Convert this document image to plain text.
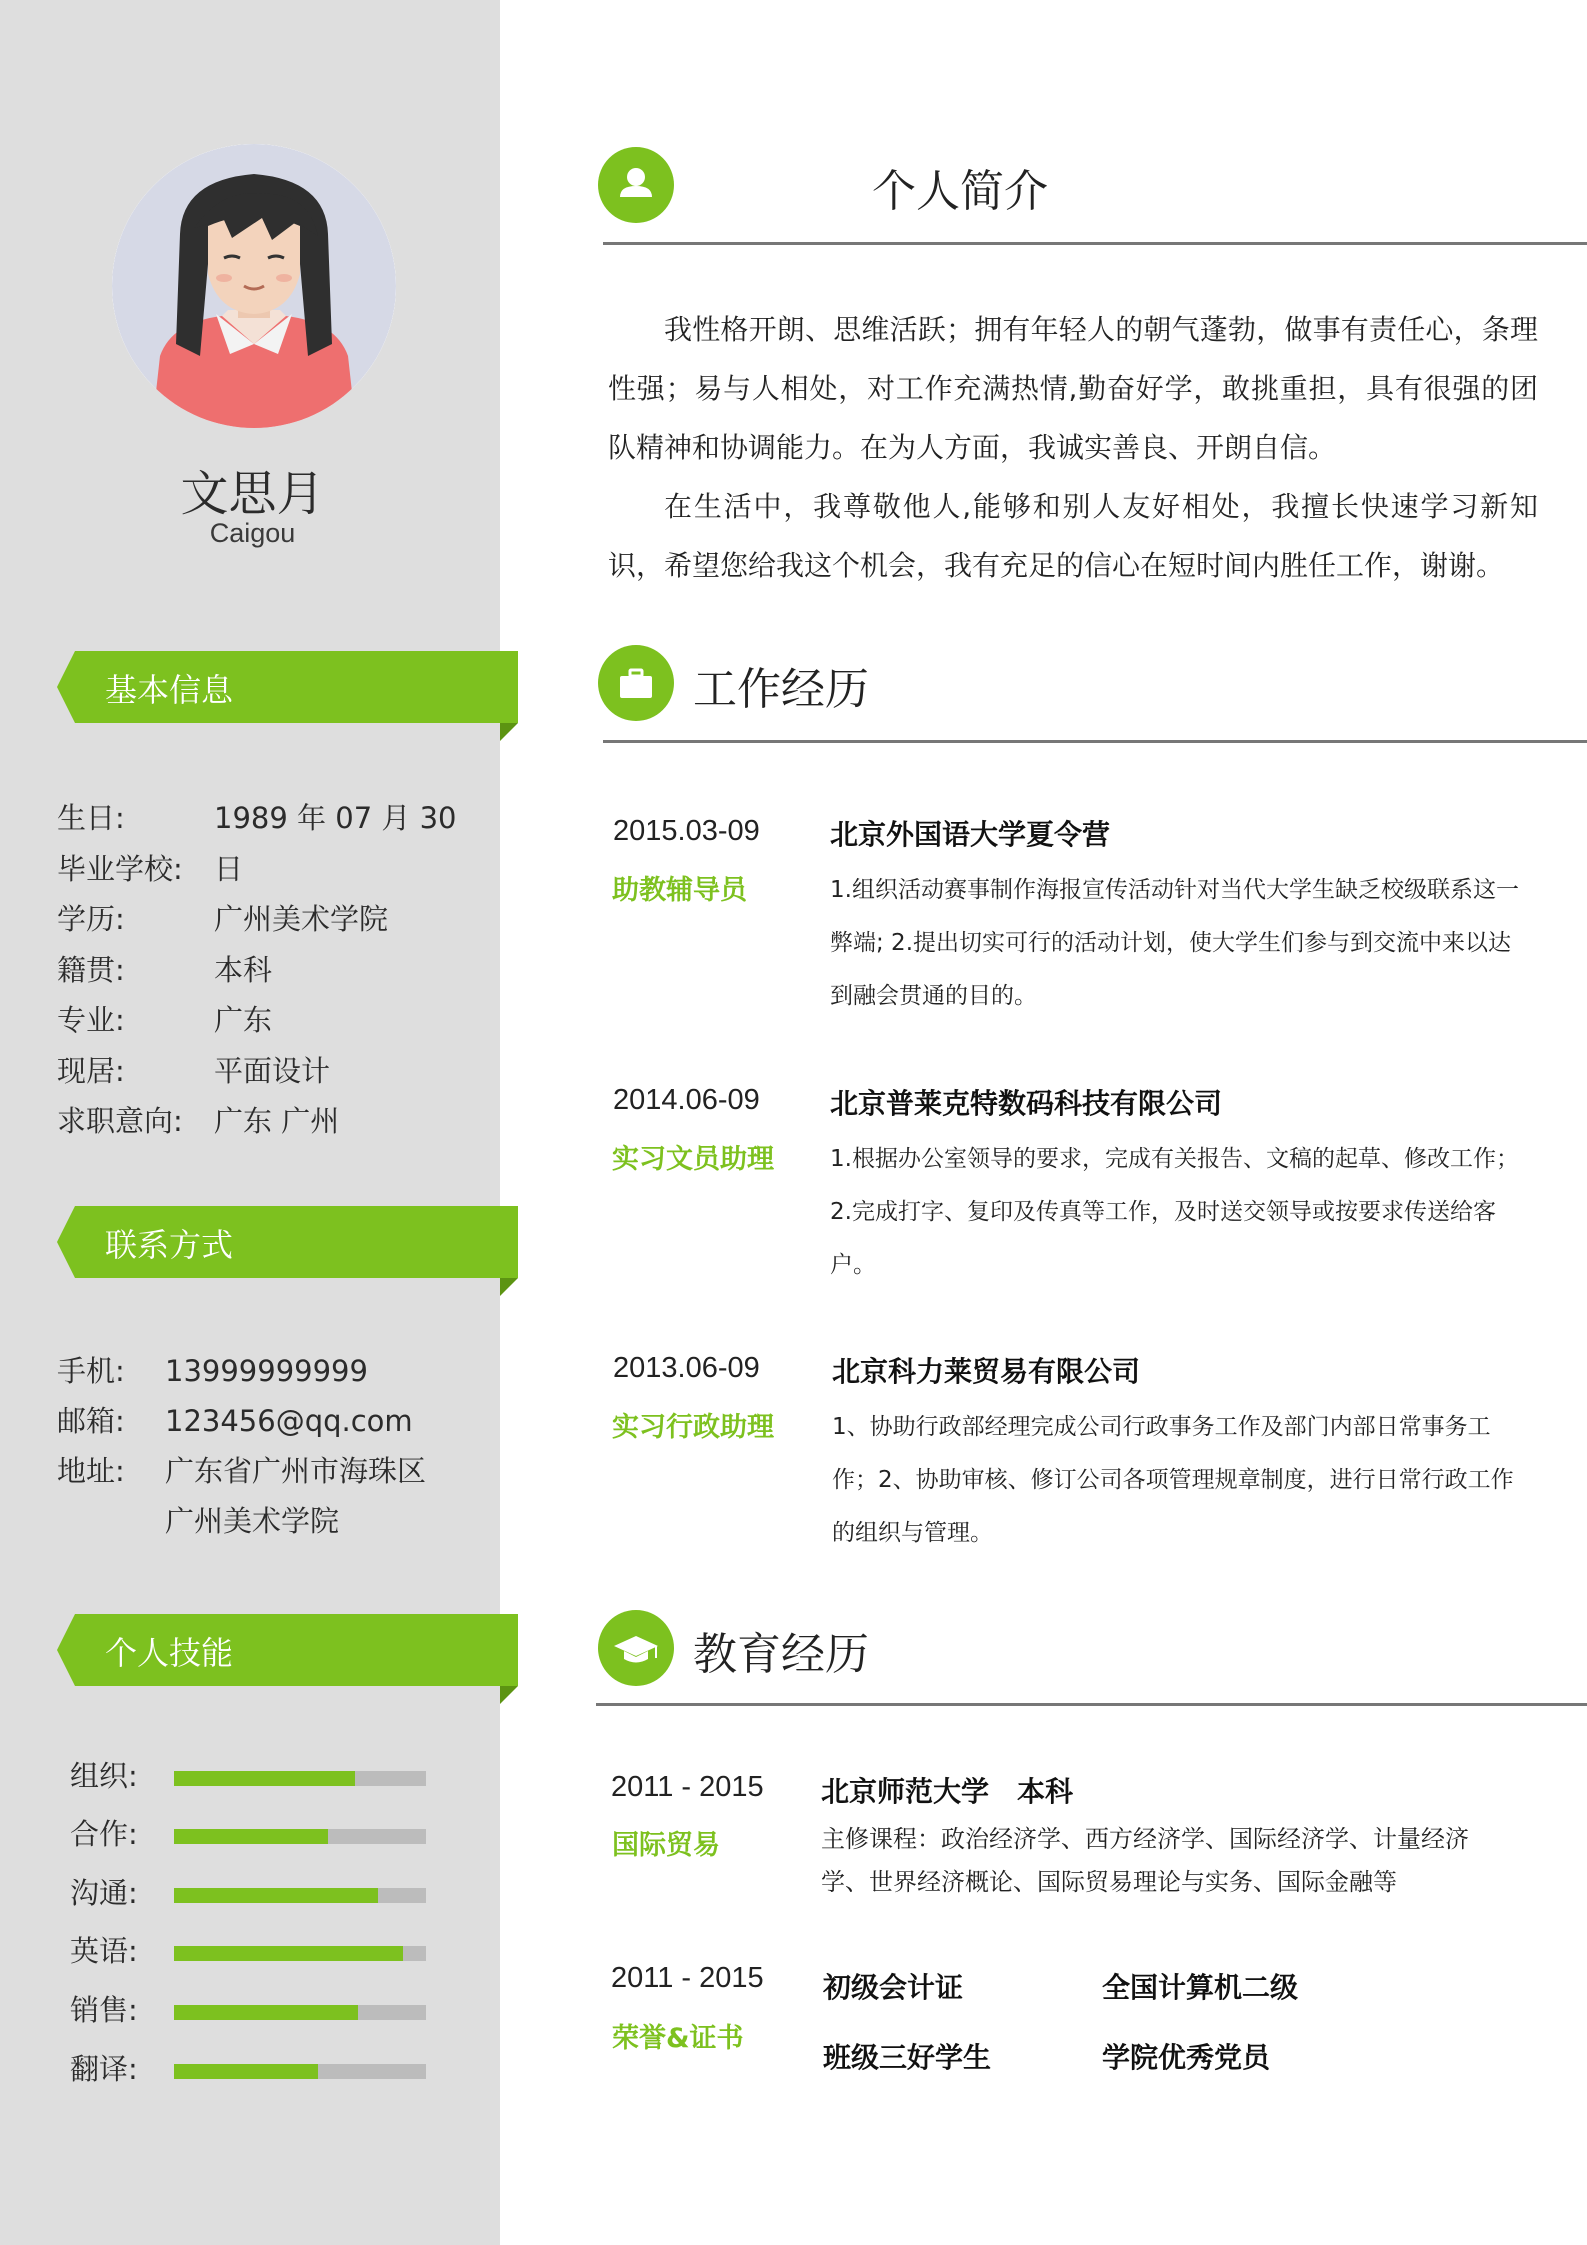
文思月
Caigou
基本信息
生日:	1989 年 07 月 30
毕业学校: 日
学历:	广州美术学院
籍贯:	本科
专业:	广东
现居:	平面设计
求职意向: 广东 广州
联系方式
手机: 13999999999
邮箱: 123456@qq.com
地址: 广东省广州市海珠区广州美术学院
个人技能
组织:
合作:
沟通:
英语:
销售:
翻译:
个人简介

我性格开朗、思维活跃；拥有年轻人的朝气蓬勃，做事有责任心，条理性强；易与人相处，对工作充满热情,勤奋好学，敢挑重担，具有很强的团队精神和协调能力。在为人方面，我诚实善良、开朗自信。

在生活中，我尊敬他人,能够和别人友好相处，我擅长快速学习新知识，希望您给我这个机会，我有充足的信心在短时间内胜任工作，谢谢。

工作经历
2015.03-09
助教辅导员
北京外国语大学夏令营
1.组织活动赛事制作海报宣传活动针对当代大学生缺乏校级联系这一弊端; 2.提出切实可行的活动计划，使大学生们参与到交流中来以达到融会贯通的目的。
2014.06-09
实习文员助理
北京普莱克特数码科技有限公司
1.根据办公室领导的要求，完成有关报告、文稿的起草、修改工作；2.完成打字、复印及传真等工作，及时送交领导或按要求传送给客户。
2013.06-09
实习行政助理
北京科力莱贸易有限公司
1、协助行政部经理完成公司行政事务工作及部门内部日常事务工作；2、协助审核、修订公司各项管理规章制度，进行日常行政工作的组织与管理。
教育经历
2011 - 2015
国际贸易
北京师范大学 本科
主修课程：政治经济学、西方经济学、国际经济学、计量经济学、世界经济概论、国际贸易理论与实务、国际金融等
2011 - 2015
荣誉&证书
初级会计证	全国计算机二级
班级三好学生	学院优秀党员
